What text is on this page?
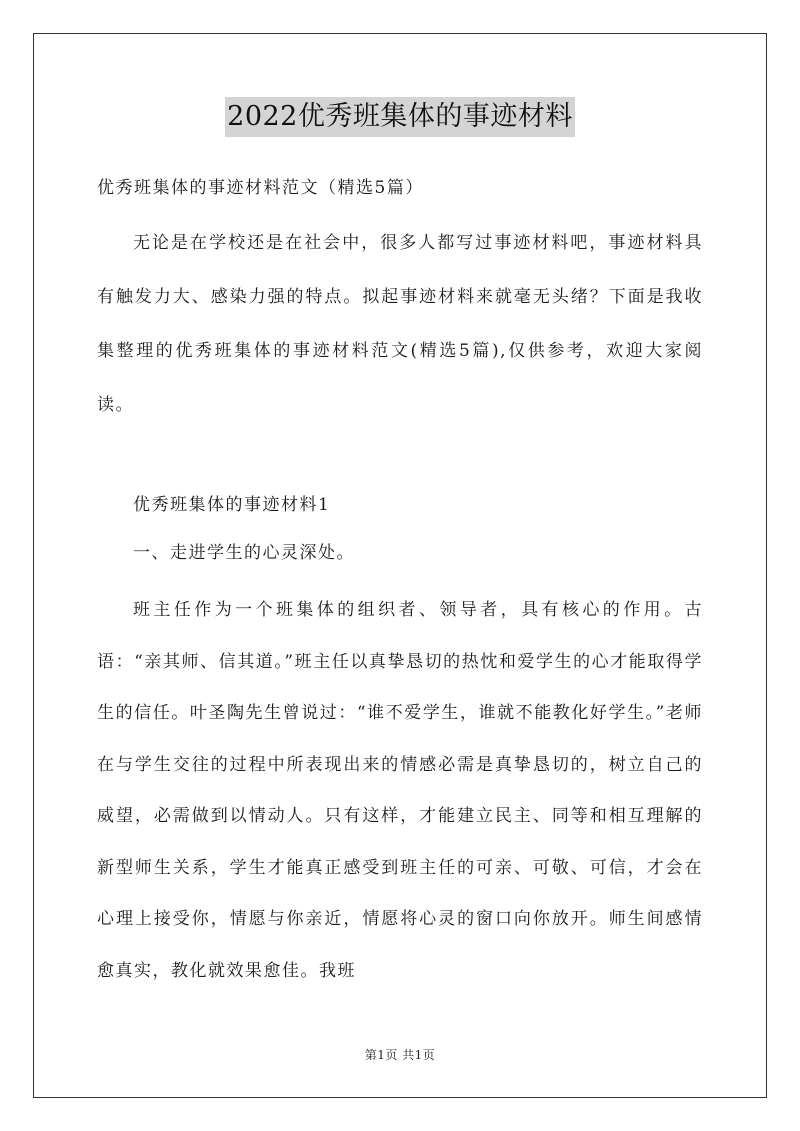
2022优秀班集体的事迹材料

优秀班集体的事迹材料范文（精选5篇）

无论是在学校还是在社会中，很多人都写过事迹材料吧，事迹材料具有触发力大、感染力强的特点。拟起事迹材料来就毫无头绪？下面是我收集整理的优秀班集体的事迹材料范文(精选5篇),仅供参考，欢迎大家阅读。

优秀班集体的事迹材料1

一、走进学生的心灵深处。

班主任作为一个班集体的组织者、领导者，具有核心的作用。古语：“亲其师、信其道。”班主任以真挚恳切的热忱和爱学生的心才能取得学生的信任。叶圣陶先生曾说过：“谁不爱学生，谁就不能教化好学生。”老师在与学生交往的过程中所表现出来的情感必需是真挚恳切的，树立自己的威望，必需做到以情动人。只有这样，才能建立民主、同等和相互理解的新型师生关系，学生才能真正感受到班主任的可亲、可敬、可信，才会在心理上接受你，情愿与你亲近，情愿将心灵的窗口向你放开。师生间感情愈真实，教化就效果愈佳。我班

第1页 共1页
